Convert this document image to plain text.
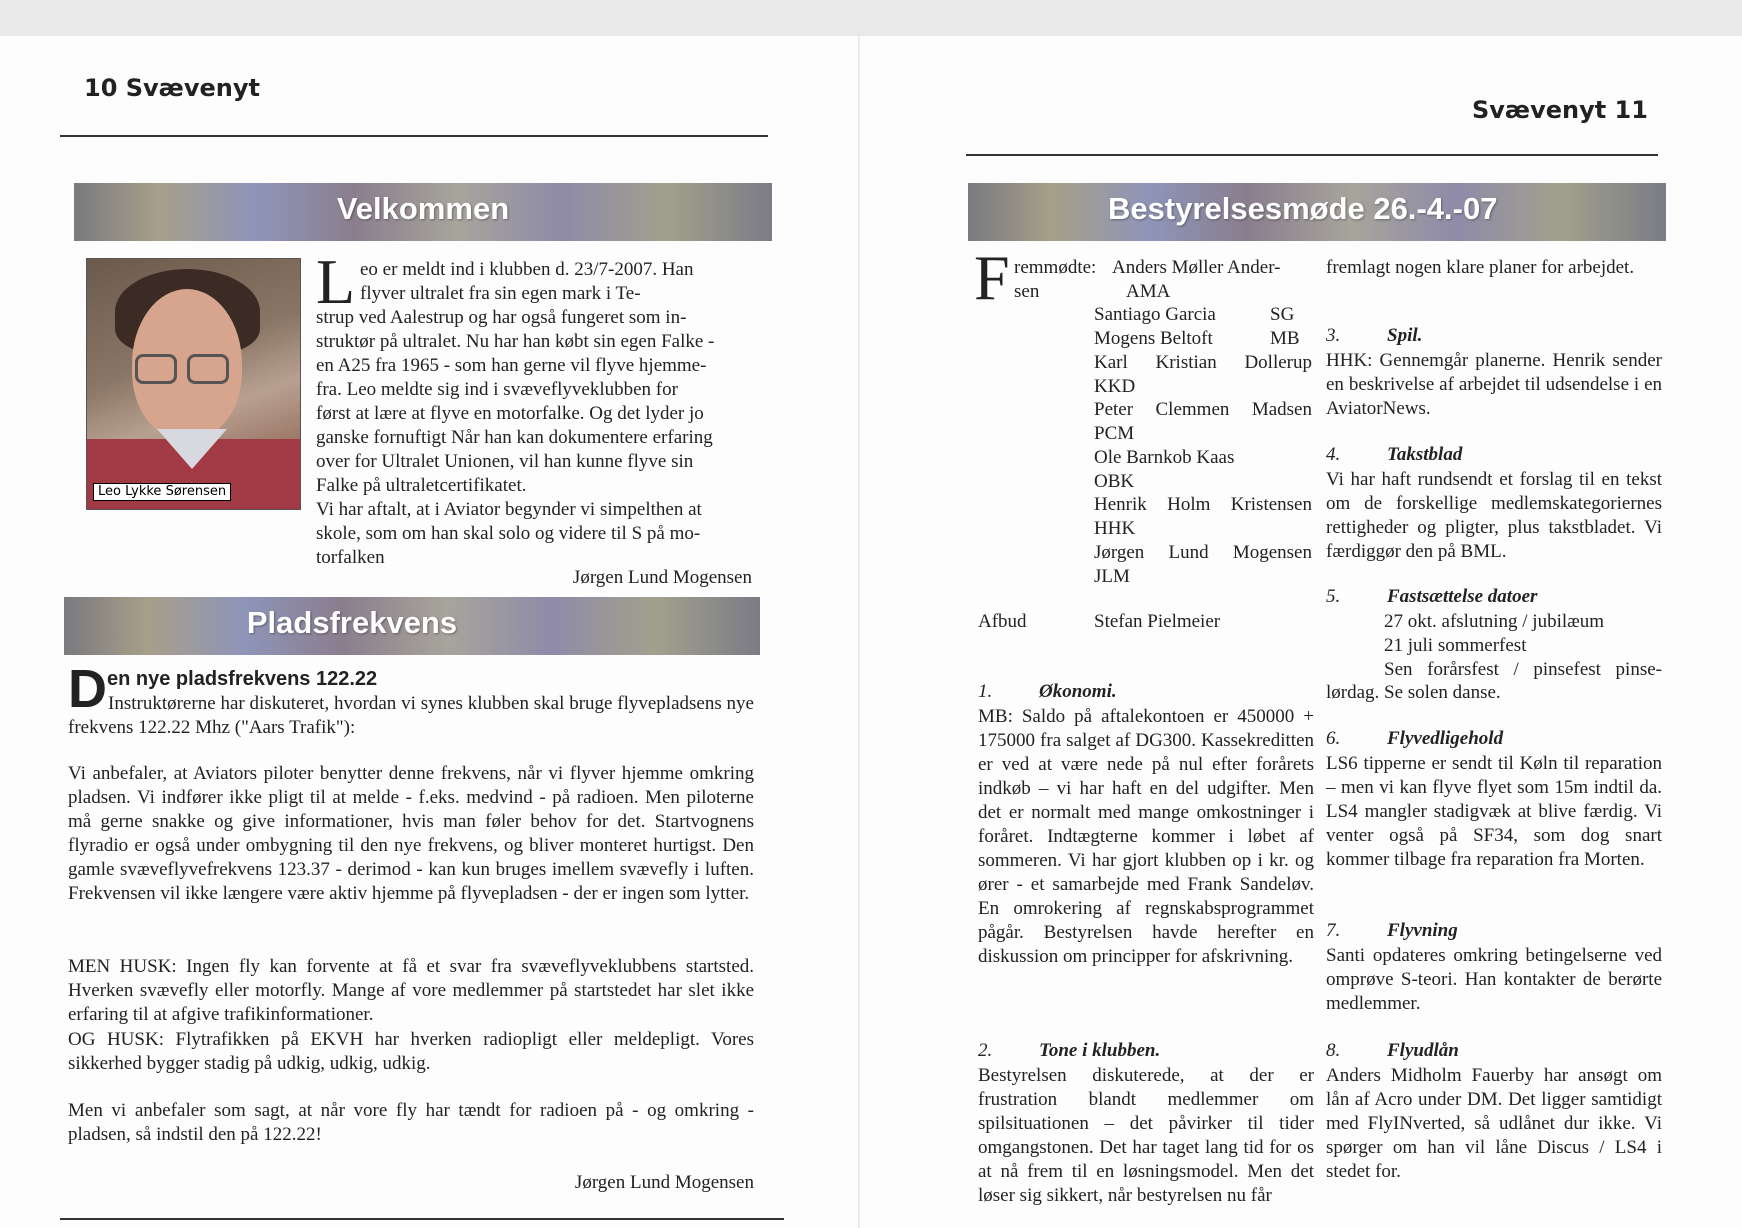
10 Svævenyt
Velkommen
Leo Lykke Sørensen
L eo er meldt ind i klubben d. 23/7-2007. Han
flyver ultralet fra sin egen mark i Te-
strup ved Aalestrup og har også fungeret som in-
struktør på ultralet. Nu har han købt sin egen Falke -
en A25 fra 1965 - som han gerne vil flyve hjemme-
fra. Leo meldte sig ind i svæveflyveklubben for
først at lære at flyve en motorfalke. Og det lyder jo
ganske fornuftigt Når han kan dokumentere erfaring
over for Ultralet Unionen, vil han kunne flyve sin
Falke på ultraletcertifikatet.
Vi har aftalt, at i Aviator begynder vi simpelthen at
skole, som om han skal solo og videre til S på mo-
torfalken
Jørgen Lund Mogensen
Pladsfrekvens
D en nye pladsfrekvens 122.22
Instruktørerne har diskuteret, hvordan vi synes klubben skal bruge flyvepladsens nye frekvens 122.22 Mhz ("Aars Trafik"):
Vi anbefaler, at Aviators piloter benytter denne frekvens, når vi flyver hjemme omkring pladsen. Vi indfører ikke pligt til at melde - f.eks. medvind - på radioen. Men piloterne må gerne snakke og give informationer, hvis man føler behov for det. Startvognens flyradio er også under ombygning til den nye frekvens, og bliver monteret hurtigst. Den gamle svæveflyvefrekvens 123.37 - derimod - kan kun bruges imellem svævefly i luften. Frekvensen vil ikke længere være aktiv hjemme på flyvepladsen - der er ingen som lytter.
MEN HUSK: Ingen fly kan forvente at få et svar fra svæveflyveklubbens startsted. Hverken svævefly eller motorfly. Mange af vore medlemmer på startstedet har slet ikke erfaring til at afgive trafikinformationer.
OG HUSK: Flytrafikken på EKVH har hverken radiopligt eller meldepligt. Vores sikkerhed bygger stadig på udkig, udkig, udkig.
Men vi anbefaler som sagt, at når vore fly har tændt for radioen på - og omkring - pladsen, så indstil den på 122.22!
Jørgen Lund Mogensen
Svævenyt 11
Bestyrelsesmøde 26.-4.-07
F remmødte:
sen
Anders Møller Ander-
AMA
Santiago Garcia	SG
Mogens Beltoft	MB
Karl Kristian Dollerup
KKD
Peter Clemmen Madsen
PCM
Ole Barnkob Kaas
OBK
Henrik Holm Kristensen
HHK
Jørgen Lund Mogensen
JLM
Afbud	Stefan Pielmeier
1. Økonomi.
MB: Saldo på aftalekontoen er 450000 + 175000 fra salget af DG300. Kassekreditten er ved at være nede på nul efter forårets indkøb – vi har haft en del udgifter. Men det er normalt med mange omkostninger i foråret. Indtægterne kommer i løbet af sommeren. Vi har gjort klubben op i kr. og ører - et samarbejde med Frank Sandeløv. En omrokering af regnskabsprogrammet pågår. Bestyrelsen havde herefter en diskussion om principper for afskrivning.
2. Tone i klubben.
Bestyrelsen diskuterede, at der er frustration blandt medlemmer om spilsituationen – det påvirker til tider omgangstonen. Det har taget lang tid for os at nå frem til en løsningsmodel. Men det løser sig sikkert, når bestyrelsen nu får
fremlagt nogen klare planer for arbejdet.
3. Spil.
HHK: Gennemgår planerne. Henrik sender en beskrivelse af arbejdet til udsendelse i en AviatorNews.
4. Takstblad
Vi har haft rundsendt et forslag til en tekst om de forskellige medlemskategoriernes rettigheder og pligter, plus takstbladet. Vi færdiggør den på BML.
5. Fastsættelse datoer
27 okt. afslutning / jubilæum
21 juli sommerfest
Sen forårsfest / pinsefest pinse-
lørdag. Se solen danse.
6. Flyvedligehold
LS6 tipperne er sendt til Køln til reparation – men vi kan flyve flyet som 15m indtil da. LS4 mangler stadigvæk at blive færdig. Vi venter også på SF34, som dog snart kommer tilbage fra reparation fra Morten.
7. Flyvning
Santi opdateres omkring betingelserne ved omprøve S-teori. Han kontakter de berørte medlemmer.
8. Flyudlån
Anders Midholm Fauerby har ansøgt om lån af Acro under DM. Det ligger samtidigt med FlyINverted, så udlånet dur ikke. Vi spørger om han vil låne Discus / LS4 i stedet for.
